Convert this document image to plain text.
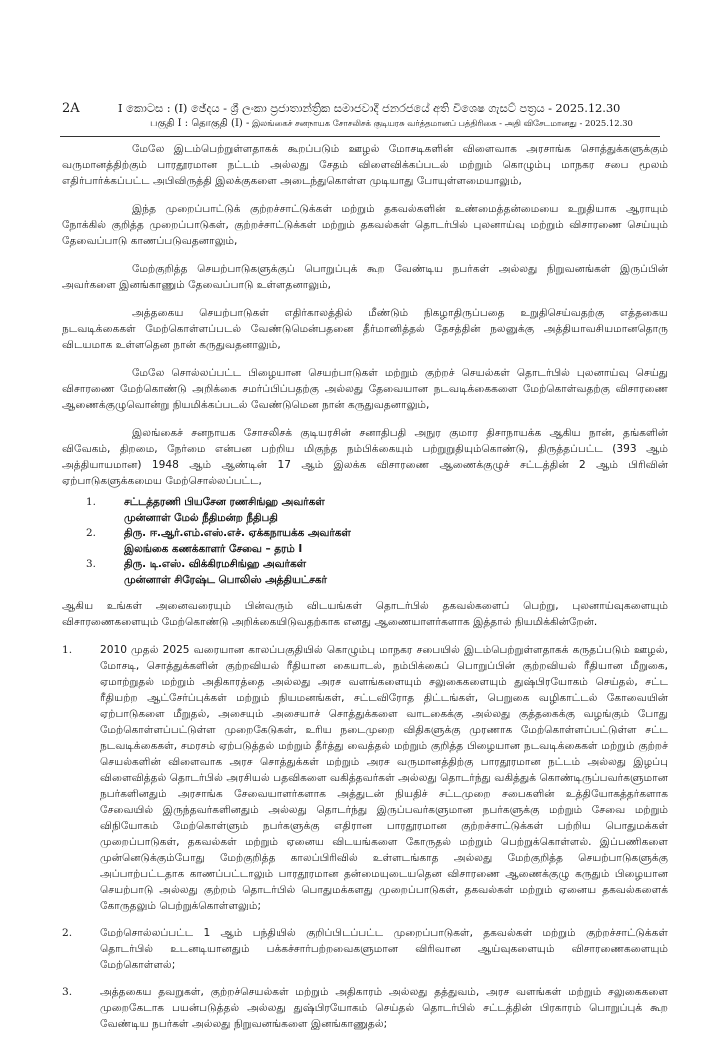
2A	I කොටස : (I) ඡේදය - ශ්‍රී ලංකා ප්‍රජාතාන්ත්‍රික සමාජවාදී ජනරජයේ අති විශෙෂ ගැසට් පත්‍රය - 2025.12.30
பகுதி I : தொகுதி (I) - இலங்கைச் சனநாயக சோசலிசக் குடியரசு வர்த்தமானப் பத்திரிகை - அதி விசேடமானது - 2025.12.30

மேலே இடம்பெற்றுள்ளதாகக் கூறப்படும் ஊழல் மோசடிகளின் விளைவாக அரசாங்க சொத்துக்களுக்கும் வருமானத்திற்கும் பாரதூரமான நட்டம் அல்லது சேதம் விளைவிக்கப்படல் மற்றும் கொழும்பு மாநகர சபை மூலம் எதிர்பார்க்கப்பட்ட அபிவிருத்தி இலக்குகளை அடைந்துகொள்ள முடியாது போயுள்ளமையாலும்,

இந்த முறைப்பாட்டுக் குற்றச்சாட்டுக்கள் மற்றும் தகவல்களின் உண்மைத்தன்மையை உறுதியாக ஆராயும் நோக்கில் குறித்த முறைப்பாடுகள், குற்றச்சாட்டுக்கள் மற்றும் தகவல்கள் தொடர்பில் புலனாய்வு மற்றும் விசாரணை செய்யும் தேவைப்பாடு காணப்படுவதனாலும்,

மேற்குறித்த செயற்பாடுகளுக்குப் பொறுப்புக் கூற வேண்டிய நபர்கள் அல்லது நிறுவனங்கள் இருப்பின் அவர்களை இனங்காணும் தேவைப்பாடு உள்ளதனாலும்,

அத்தகைய செயற்பாடுகள் எதிர்காலத்தில் மீண்டும் நிகழாதிருப்பதை உறுதிசெய்வதற்கு எத்தகைய நடவடிக்கைகள் மேற்கொள்ளப்படல் வேண்டுமென்பதனை தீர்மானித்தல் தேசத்தின் நலனுக்கு அத்தியாவசியமானதொரு விடயமாக உள்ளதென நான் கருதுவதனாலும்,

மேலே சொல்லப்பட்ட பிழையான செயற்பாடுகள் மற்றும் குற்றச் செயல்கள் தொடர்பில் புலனாய்வு செய்து விசாரணை மேற்கொண்டு அறிக்கை சமர்ப்பிப்பதற்கு அல்லது தேவையான நடவடிக்கைகளை மேற்கொள்வதற்கு விசாரணை ஆணைக்குழுவொன்று நியமிக்கப்படல் வேண்டுமென நான் கருதுவதனாலும்,

இலங்கைச் சனநாயக சோசலிசக் குடியரசின் சனாதிபதி அநுர குமார திசாநாயக்க ஆகிய நான், தங்களின் விவேகம், திறமை, நேர்மை என்பன பற்றிய மிகுந்த நம்பிக்கையும் பற்றுறுதியும்கொண்டு, திருத்தப்பட்ட (393 ஆம் அத்தியாயமான) 1948 ஆம் ஆண்டின் 17 ஆம் இலக்க விசாரணை ஆணைக்குழுச் சட்டத்தின் 2 ஆம் பிரிவின் ஏற்பாடுகளுக்கமைய மேற்சொல்லப்பட்ட,

1.	சட்டத்தரணி பியசேன ரணசிங்ஹ அவர்கள்
முன்னாள் மேல் நீதிமன்ற நீதிபதி
2.	திரு. ஈ.ஆர்.எம்.எஸ்.எச். ஏக்கநாயக்க அவர்கள்
இலங்கை கணக்காளர் சேவை – தரம் I
3.	திரு. டி.எஸ். விக்கிரமசிங்ஹ அவர்கள்
முன்னாள் சிரேஷ்ட பொலிஸ் அத்தியட்சகர்

ஆகிய உங்கள் அனைவரையும் பின்வரும் விடயங்கள் தொடர்பில் தகவல்களைப் பெற்று, புலனாய்வுகளையும் விசாரணைகளையும் மேற்கொண்டு அறிக்கையிடுவதற்காக எனது ஆணையாளர்களாக இத்தால் நியமிக்கின்றேன்.

1.	2010 முதல் 2025 வரையான காலப்பகுதியில் கொழும்பு மாநகர சபையில் இடம்பெற்றுள்ளதாகக் கருதப்படும் ஊழல், மோசடி, சொத்துக்களின் குற்றவியல் ரீதியான கையாடல், நம்பிக்கைப் பொறுப்பின் குற்றவியல் ரீதியான மீறுகை, ஏமாற்றுதல் மற்றும் அதிகாரத்தை அல்லது அரச வளங்களையும் சலுகைகளையும் துஷ்பிரயோகம் செய்தல், சட்ட ரீதியற்ற ஆட்சேர்ப்புக்கள் மற்றும் நியமனங்கள், சட்டவிரோத திட்டங்கள், பெறுகை வழிகாட்டல் கோவையின் ஏற்பாடுகளை மீறுதல், அசையும் அசையாச் சொத்துக்களை வாடகைக்கு அல்லது குத்தகைக்கு வழங்கும் போது மேற்கொள்ளப்பட்டுள்ள முறைகேடுகள், உரிய நடைமுறை விதிகளுக்கு முரணாக மேற்கொள்ளப்பட்டுள்ள சட்ட நடவடிக்கைகள், சமரசம் ஏற்படுத்தல் மற்றும் தீர்த்து வைத்தல் மற்றும் குறித்த பிழையான நடவடிக்கைகள் மற்றும் குற்றச் செயல்களின் விளைவாக அரச சொத்துக்கள் மற்றும் அரச வருமானத்திற்கு பாரதூரமான நட்டம் அல்லது இழப்பு விளைவித்தல் தொடர்பில் அரசியல் பதவிகளை வகித்தவர்கள் அல்லது தொடர்ந்து வகித்துக் கொண்டிருப்பவர்களுமான நபர்களினதும் அரசாங்க சேவையாளர்களாக அத்துடன் நியதிச் சட்டமுறை சபைகளின் உத்தியோகத்தர்களாக சேவையில் இருந்தவர்களினதும் அல்லது தொடர்ந்து இருப்பவர்களுமான நபர்களுக்கு மற்றும் சேவை மற்றும் விநியோகம் மேற்கொள்ளும் நபர்களுக்கு எதிரான பாரதூரமான குற்றச்சாட்டுக்கள் பற்றிய பொதுமக்கள் முறைப்பாடுகள், தகவல்கள் மற்றும் ஏனைய விடயங்களை கோருதல் மற்றும் பெற்றுக்கொள்ளல். இப்பணிகளை முன்னெடுக்கும்போது மேற்குறித்த காலப்பிரிவில் உள்ளடங்காத அல்லது மேற்குறித்த செயற்பாடுகளுக்கு அப்பாற்பட்டதாக காணப்பட்டாலும் பாரதூரமான தன்மையுடையதென விசாரணை ஆணைக்குழு கருதும் பிழையான செயற்பாடு அல்லது குற்றம் தொடர்பில் பொதுமக்களது முறைப்பாடுகள், தகவல்கள் மற்றும் ஏனைய தகவல்களைக் கோருதலும் பெற்றுக்கொள்ளலும்;
2.	மேற்சொல்லப்பட்ட 1 ஆம் பந்தியில் குறிப்பிடப்பட்ட முறைப்பாடுகள், தகவல்கள் மற்றும் குற்றச்சாட்டுக்கள் தொடர்பில் உடனடியானதும் பக்கச்சார்பற்றவைகளுமான விரிவான ஆய்வுகளையும் விசாரணைகளையும் மேற்கொள்ளல்;
3.	அத்தகைய தவறுகள், குற்றச்செயல்கள் மற்றும் அதிகாரம் அல்லது தத்துவம், அரச வளங்கள் மற்றும் சலுகைகளை முறைகேடாக பயன்படுத்தல் அல்லது துஷ்பிரயோகம் செய்தல் தொடர்பில் சட்டத்தின் பிரகாரம் பொறுப்புக் கூற வேண்டிய நபர்கள் அல்லது நிறுவனங்களை இனங்காணுதல்;
